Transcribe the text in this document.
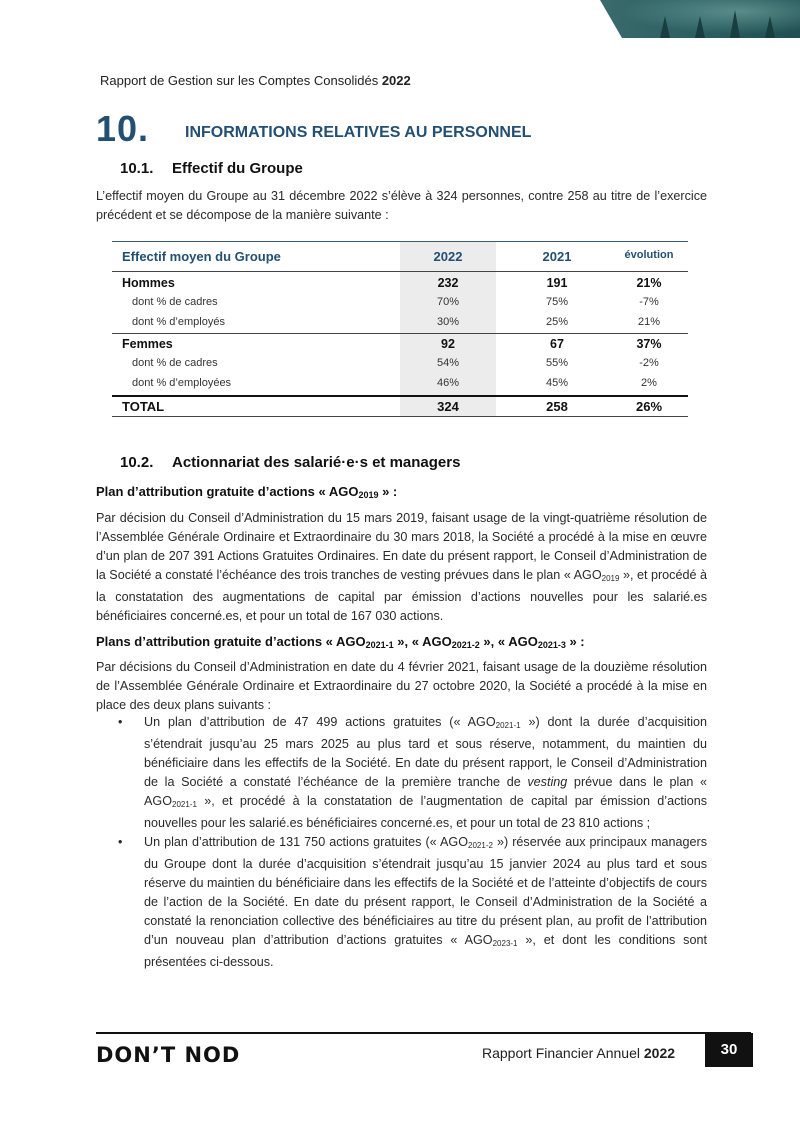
Rapport de Gestion sur les Comptes Consolidés 2022
10. INFORMATIONS RELATIVES AU PERSONNEL
10.1. Effectif du Groupe

L’effectif moyen du Groupe au 31 décembre 2022 s’élève à 324 personnes, contre 258 au titre de l’exercice précédent et se décompose de la manière suivante :

Effectif moyen du Groupe	2022	2021	évolution
Hommes	232	191	21%
dont % de cadres	70%	75%	-7%
dont % d’employés	30%	25%	21%
Femmes	92	67	37%
dont % de cadres	54%	55%	-2%
dont % d’employées	46%	45%	2%
TOTAL	324	258	26%
10.2. Actionnariat des salarié·e·s et managers
Plan d’attribution gratuite d’actions « $AGO_{2019}$ » :

Par décision du Conseil d’Administration du 15 mars 2019, faisant usage de la vingt-quatrième résolution de l’Assemblée Générale Ordinaire et Extraordinaire du 30 mars 2018, la Société a procédé à la mise en œuvre d’un plan de 207 391 Actions Gratuites Ordinaires. En date du présent rapport, le Conseil d’Administration de la Société a constaté l’échéance des trois tranches de vesting prévues dans le plan « $AGO_{2019}$ », et procédé à la constatation des augmentations de capital par émission d’actions nouvelles pour les salarié.es bénéficiaires concerné.es, et pour un total de 167 030 actions.

Plans d’attribution gratuite d’actions « $AGO_{2021-1}$ », « $AGO_{2021-2}$ », « $AGO_{2021-3}$ » :

Par décisions du Conseil d’Administration en date du 4 février 2021, faisant usage de la douzième résolution de l’Assemblée Générale Ordinaire et Extraordinaire du 27 octobre 2020, la Société a procédé à la mise en place des deux plans suivants :

• Un plan d’attribution de 47 499 actions gratuites (« $AGO_{2021-1}$ ») dont la durée d’acquisition s’étendrait jusqu’au 25 mars 2025 au plus tard et sous réserve, notamment, du maintien du bénéficiaire dans les effectifs de la Société. En date du présent rapport, le Conseil d’Administration de la Société a constaté l’échéance de la première tranche de vesting prévue dans le plan « $AGO_{2021-1}$ », et procédé à la constatation de l’augmentation de capital par émission d’actions nouvelles pour les salarié.es bénéficiaires concerné.es, et pour un total de 23 810 actions ;
• Un plan d’attribution de 131 750 actions gratuites (« $AGO_{2021-2}$ ») réservée aux principaux managers du Groupe dont la durée d’acquisition s’étendrait jusqu’au 15 janvier 2024 au plus tard et sous réserve du maintien du bénéficiaire dans les effectifs de la Société et de l’atteinte d’objectifs de cours de l’action de la Société. En date du présent rapport, le Conseil d’Administration de la Société a constaté la renonciation collective des bénéficiaires au titre du présent plan, au profit de l’attribution d’un nouveau plan d’attribution d’actions gratuites « $AGO_{2023-1}$ », et dont les conditions sont présentées ci-dessous.
DON’T NOD	Rapport Financier Annuel 2022	30
